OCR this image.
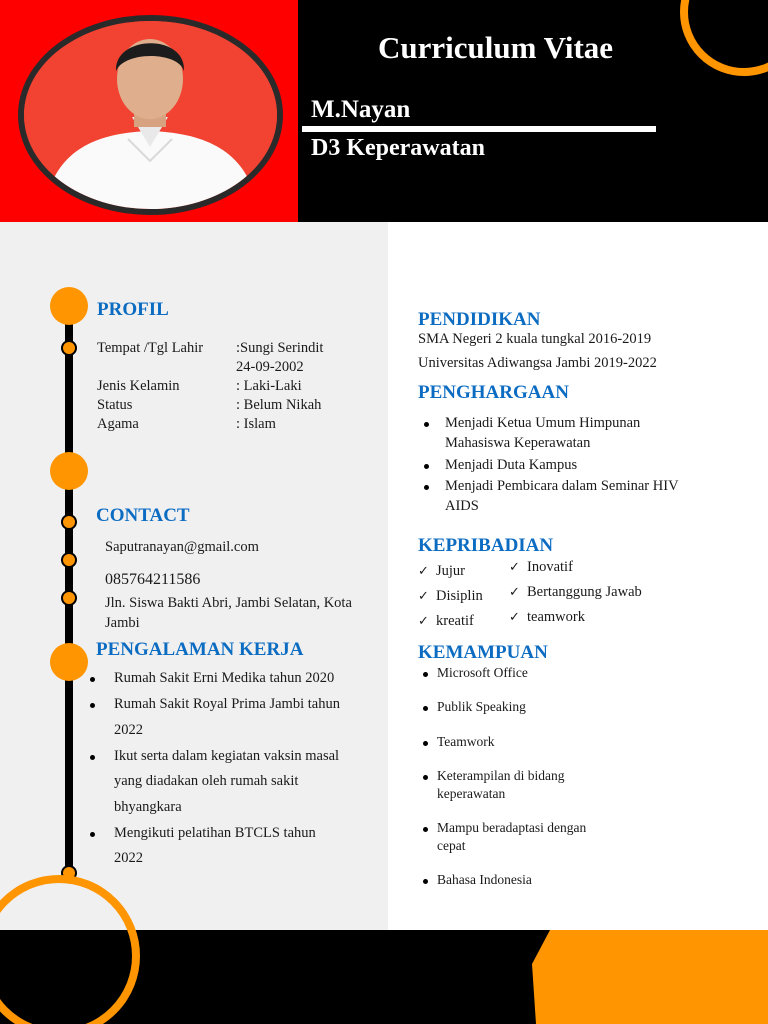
Curriculum Vitae
M.Nayan
D3 Keperawatan
PROFIL
Tempat /Tgl Lahir :Sungi Serindit
24-09-2002
Jenis Kelamin	: Laki-Laki
Status	: Belum Nikah
Agama	: Islam
CONTACT
Saputranayan@gmail.com
085764211586
Jln. Siswa Bakti Abri, Jambi Selatan, Kota
Jambi
PENGALAMAN KERJA
Rumah Sakit Erni Medika tahun 2020
Rumah Sakit Royal Prima Jambi tahun
2022
Ikut serta dalam kegiatan vaksin masal
yang diadakan oleh rumah sakit
bhyangkara
Mengikuti pelatihan BTCLS tahun
2022
PENDIDIKAN
SMA Negeri 2 kuala tungkal 2016-2019
Universitas Adiwangsa Jambi 2019-2022
PENGHARGAAN
Menjadi Ketua Umum Himpunan
Mahasiswa Keperawatan
Menjadi Duta Kampus
Menjadi Pembicara dalam Seminar HIV
AIDS
KEPRIBADIAN
✓ Jujur
✓ Disiplin
✓ kreatif
✓ Inovatif
✓ Bertanggung Jawab
✓ teamwork
KEMAMPUAN
Microsoft Office
Publik Speaking
Teamwork
Keterampilan di bidang
keperawatan
Mampu beradaptasi dengan
cepat
Bahasa Indonesia
